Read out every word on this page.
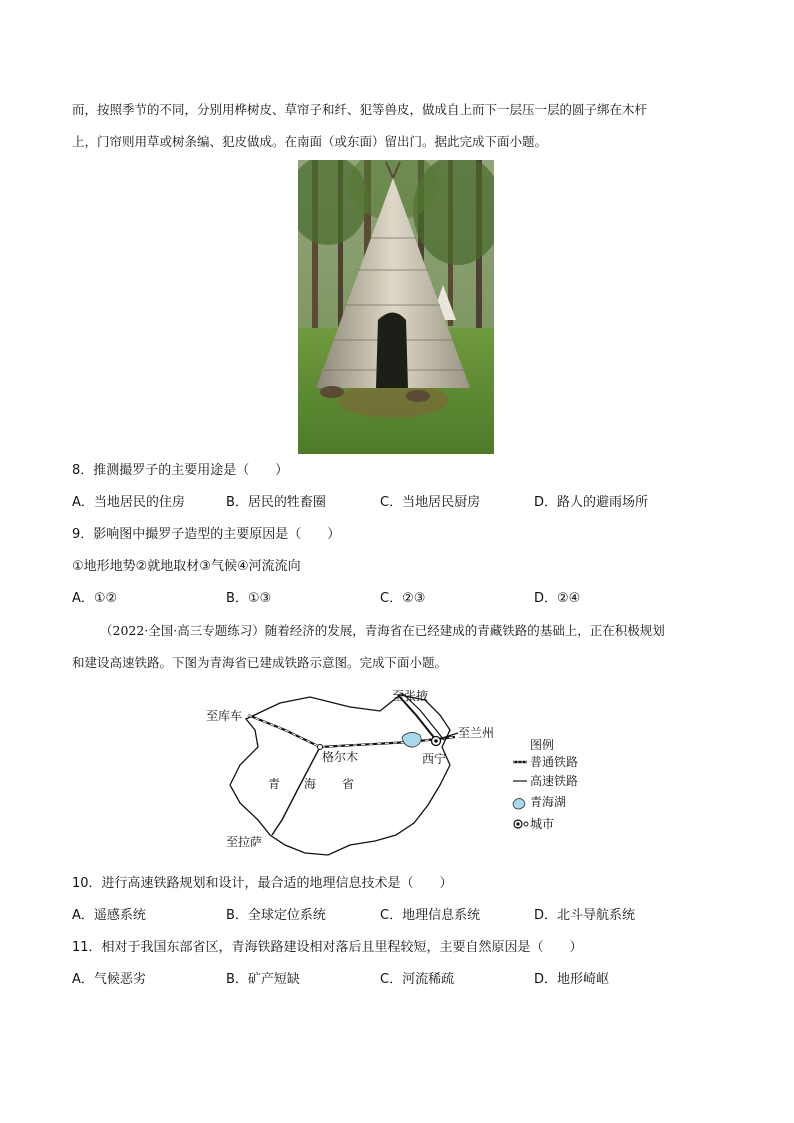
而，按照季节的不同，分别用桦树皮、草帘子和纤、犯等兽皮，做成自上而下一层压一层的圆子绑在木杆
上，门帘则用草或树条编、犯皮做成。在南面（或东面）留出门。据此完成下面小题。
8．推测撮罗子的主要用途是（　　）
A．当地居民的住房	B．居民的牲畜圈	C．当地居民厨房	D．路人的避雨场所
9．影响图中撮罗子造型的主要原因是（　　）
①地形地势②就地取材③气候④河流流向
A．①②	B．①③	C．②③	D．②④
（2022·全国·高三专题练习）随着经济的发展，青海省在已经建成的青藏铁路的基础上，正在积极规划
和建设高速铁路。下图为青海省已建成铁路示意图。完成下面小题。
至张掖
至库车
至兰州
格尔木	西宁
青 海 省
至拉萨
图例
普通铁路
高速铁路
青海湖
城市
10．进行高速铁路规划和设计，最合适的地理信息技术是（　　）
A．遥感系统	B．全球定位系统	C．地理信息系统	D．北斗导航系统
11．相对于我国东部省区，青海铁路建设相对落后且里程较短，主要自然原因是（　　）
A．气候恶劣	B．矿产短缺	C．河流稀疏	D．地形崎岖
